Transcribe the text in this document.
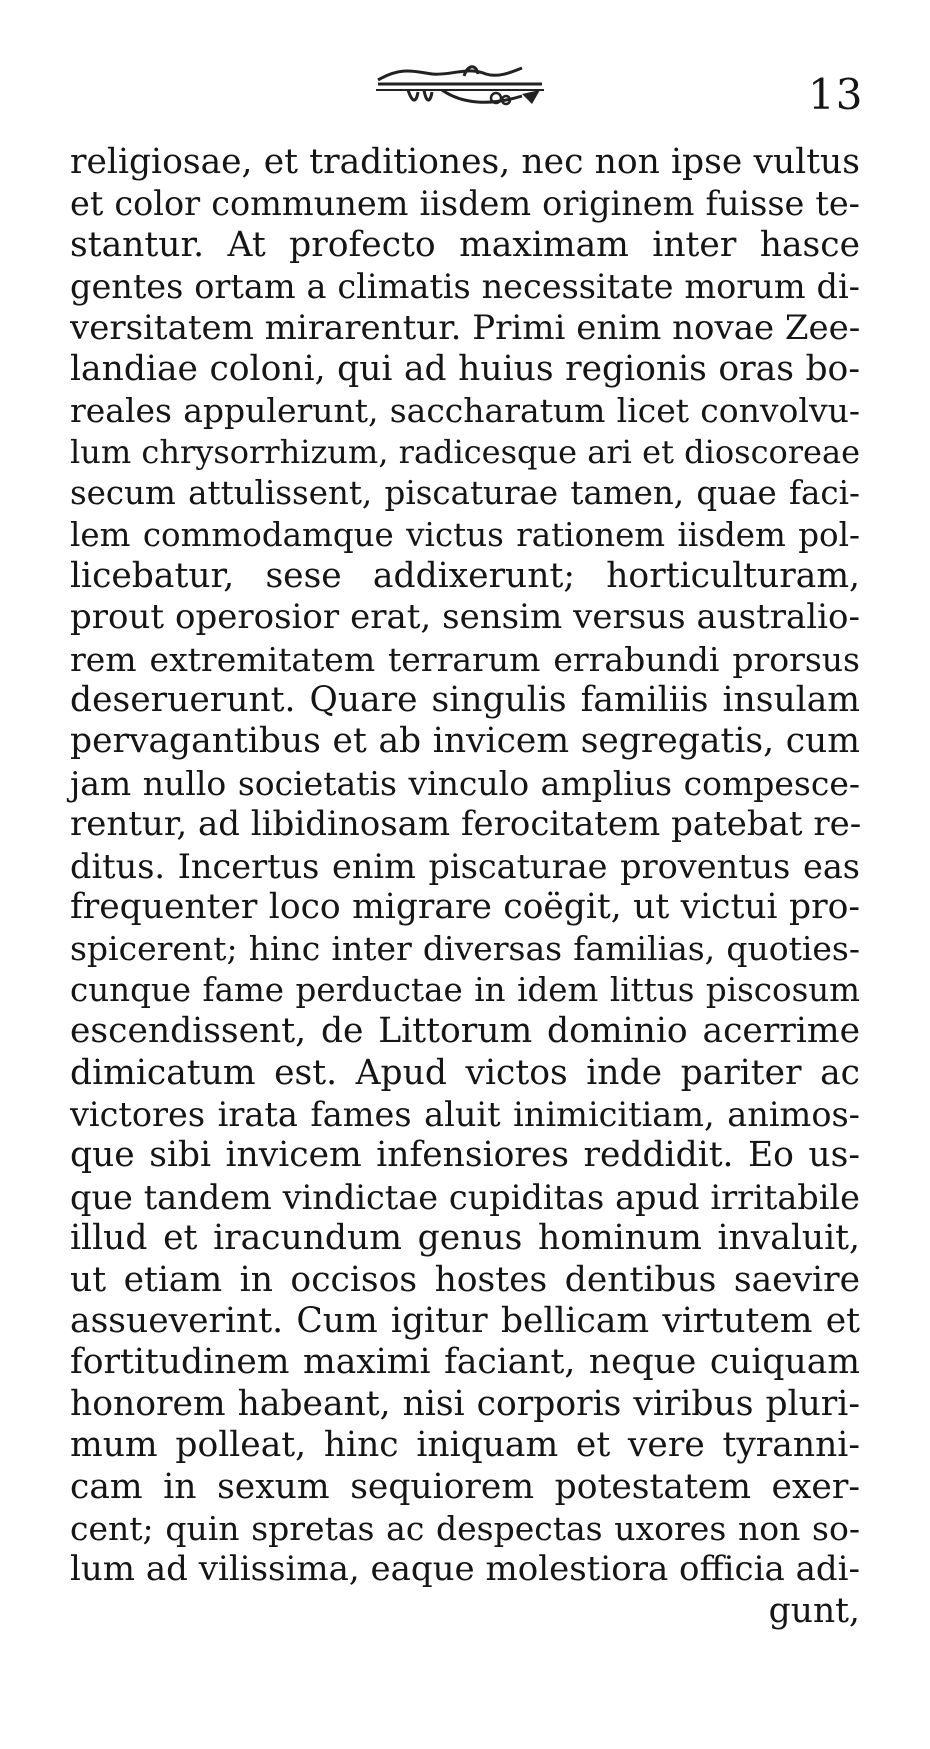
13
religiosae, et traditiones, nec non ipse vultus
et color communem iisdem originem fuisse te-
stantur. At profecto maximam inter hasce
gentes ortam a climatis necessitate morum di-
versitatem mirarentur. Primi enim novae Zee-
landiae coloni, qui ad huius regionis oras bo-
reales appulerunt, saccharatum licet convolvu-
lum chrysorrhizum, radicesque ari et dioscoreae
secum attulissent, piscaturae tamen, quae faci-
lem commodamque victus rationem iisdem pol-
licebatur, sese addixerunt; horticulturam,
prout operosior erat, sensim versus australio-
rem extremitatem terrarum errabundi prorsus
deseruerunt. Quare singulis familiis insulam
pervagantibus et ab invicem segregatis, cum
jam nullo societatis vinculo amplius compesce-
rentur, ad libidinosam ferocitatem patebat re-
ditus. Incertus enim piscaturae proventus eas
frequenter loco migrare coëgit, ut victui pro-
spicerent; hinc inter diversas familias, quoties-
cunque fame perductae in idem littus piscosum
escendissent, de Littorum dominio acerrime
dimicatum est. Apud victos inde pariter ac
victores irata fames aluit inimicitiam, animos-
que sibi invicem infensiores reddidit. Eo us-
que tandem vindictae cupiditas apud irritabile
illud et iracundum genus hominum invaluit,
ut etiam in occisos hostes dentibus saevire
assueverint. Cum igitur bellicam virtutem et
fortitudinem maximi faciant, neque cuiquam
honorem habeant, nisi corporis viribus pluri-
mum polleat, hinc iniquam et vere tyranni-
cam in sexum sequiorem potestatem exer-
cent; quin spretas ac despectas uxores non so-
lum ad vilissima, eaque molestiora officia adi-
gunt,
